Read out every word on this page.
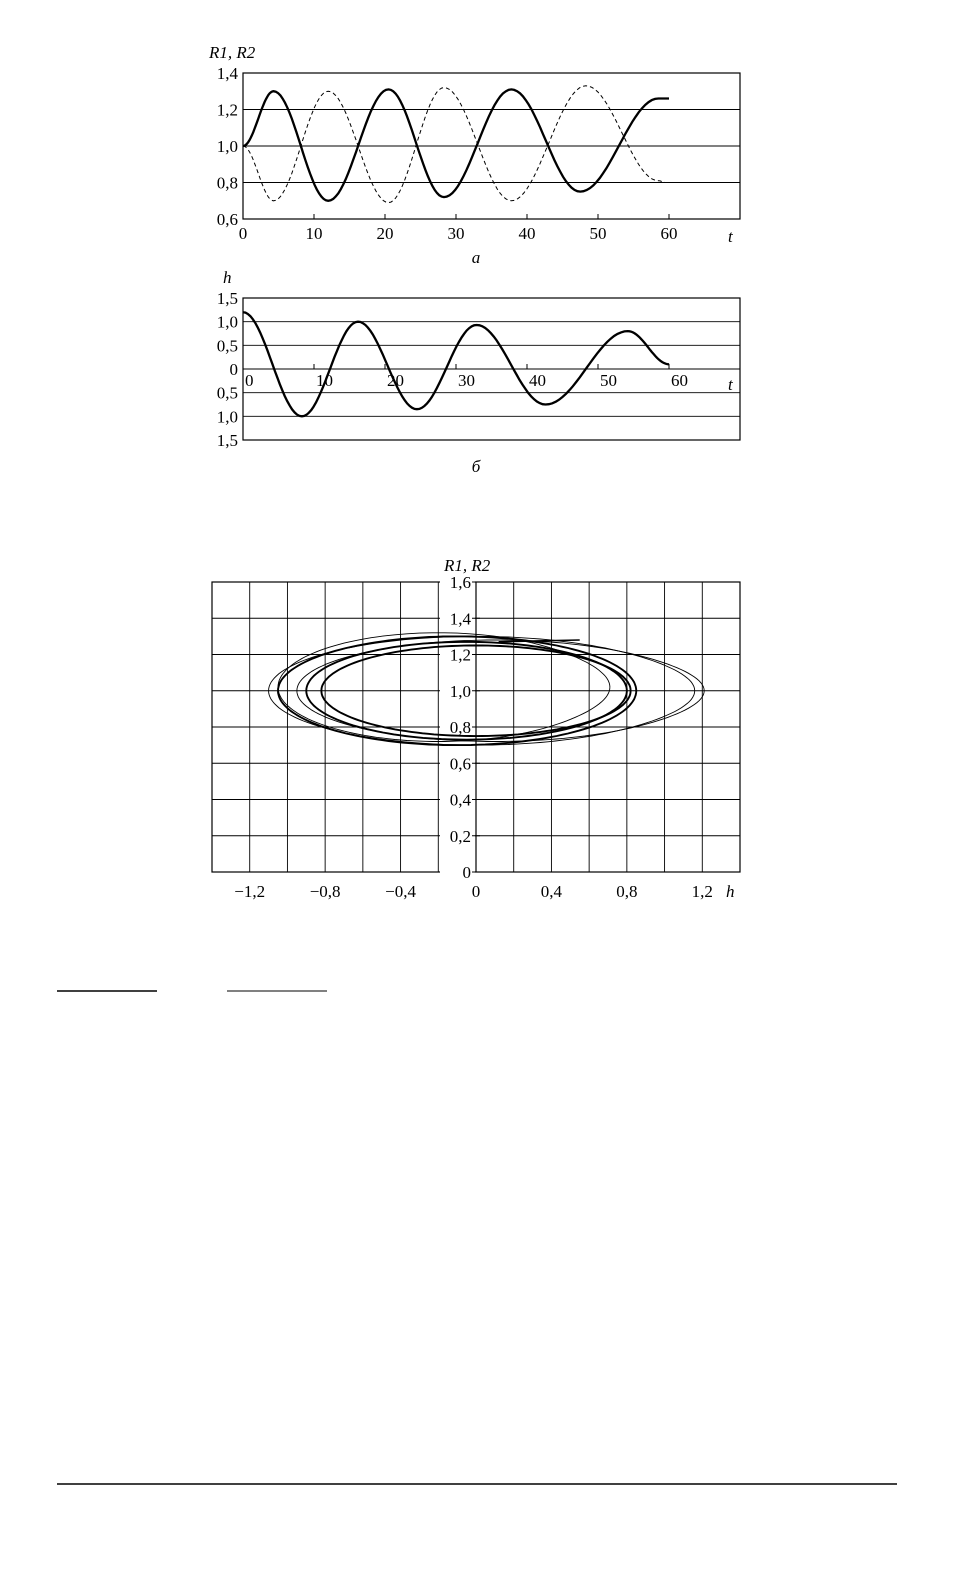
1,4
1,2
1,0
0,8
0,6
0	10	20	30	40	50	60
R1, R2
t
а
1,5
1,0
0,5
0
0,5
1,0
1,5
0	10	20	30	40	50	60
h
t
б
1,6
1,4
1,2
1,0
0,8
0,6
0,4
0,2
0
−1,2	−0,8	−0,4	0	0,4	0,8	1,2
R1, R2
h
